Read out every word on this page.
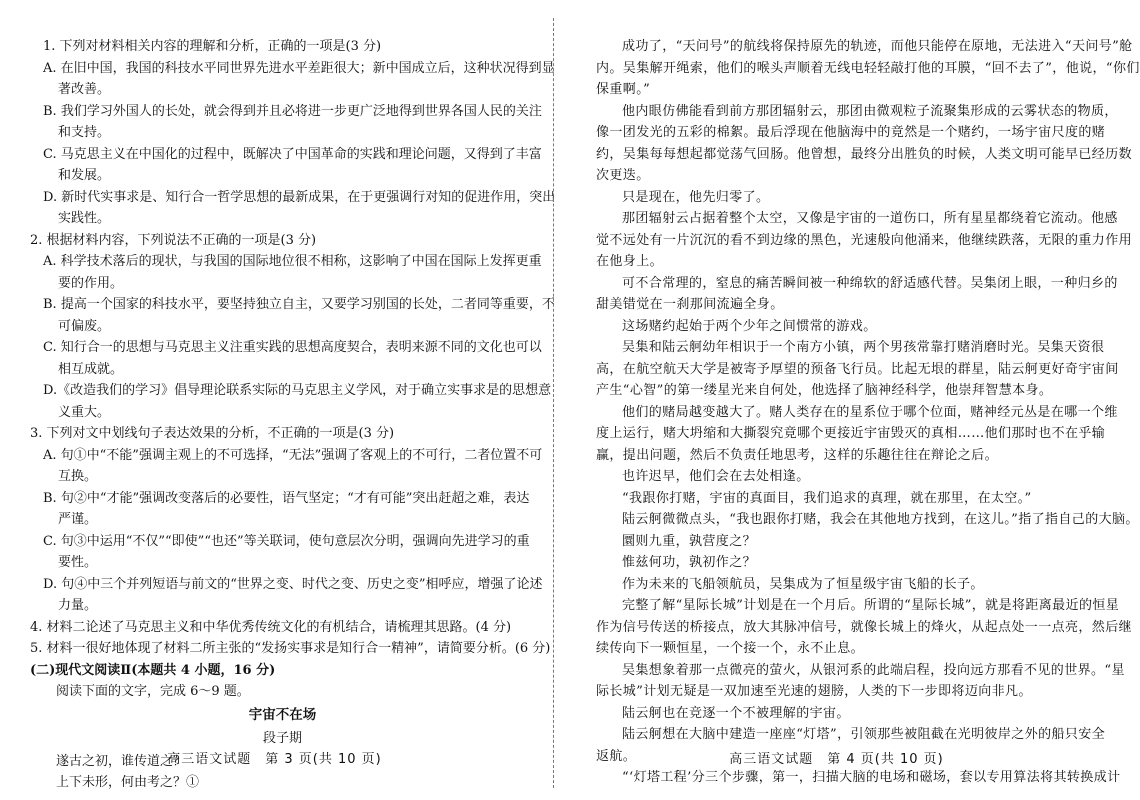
1. 下列对材料相关内容的理解和分析，正确的一项是(3 分)
A. 在旧中国，我国的科技水平同世界先进水平差距很大；新中国成立后，这种状况得到显
著改善。
B. 我们学习外国人的长处，就会得到并且必将进一步更广泛地得到世界各国人民的关注
和支持。
C. 马克思主义在中国化的过程中，既解决了中国革命的实践和理论问题，又得到了丰富
和发展。
D. 新时代实事求是、知行合一哲学思想的最新成果，在于更强调行对知的促进作用，突出
实践性。
2. 根据材料内容，下列说法不正确的一项是(3 分)
A. 科学技术落后的现状，与我国的国际地位很不相称，这影响了中国在国际上发挥更重
要的作用。
B. 提高一个国家的科技水平，要坚持独立自主，又要学习别国的长处，二者同等重要，不
可偏废。
C. 知行合一的思想与马克思主义注重实践的思想高度契合，表明来源不同的文化也可以
相互成就。
D.《改造我们的学习》倡导理论联系实际的马克思主义学风，对于确立实事求是的思想意
义重大。
3. 下列对文中划线句子表达效果的分析，不正确的一项是(3 分)
A. 句①中“不能”强调主观上的不可选择，“无法”强调了客观上的不可行，二者位置不可
互换。
B. 句②中“才能”强调改变落后的必要性，语气坚定；“才有可能”突出赶超之难，表达
严谨。
C. 句③中运用“不仅”“即使”“也还”等关联词，使句意层次分明，强调向先进学习的重
要性。
D. 句④中三个并列短语与前文的“世界之变、时代之变、历史之变”相呼应，增强了论述
力量。
4. 材料二论述了马克思主义和中华优秀传统文化的有机结合，请梳理其思路。(4 分)
5. 材料一很好地体现了材料二所主张的“发扬实事求是知行合一精神”，请简要分析。(6 分)
(二)现代文阅读Ⅱ(本题共 4 小题，16 分)
阅读下面的文字，完成 6～9 题。
宇宙不在场
段子期
遂古之初，谁传道之？
上下未形，何由考之？①
高三语文试题　第 3 页(共 10 页)
成功了，“天问号”的航线将保持原先的轨迹，而他只能停在原地，无法进入“天问号”舱
内。吴集解开绳索，他们的喉头声顺着无线电轻轻敲打他的耳膜，“回不去了”，他说，“你们
保重啊。”
他内眼仿佛能看到前方那团辐射云，那团由微观粒子流聚集形成的云雾状态的物质，
像一团发光的五彩的棉絮。最后浮现在他脑海中的竟然是一个赌约，一场宇宙尺度的赌
约，吴集每每想起都觉荡气回肠。他曾想，最终分出胜负的时候，人类文明可能早已经历数
次更迭。
只是现在，他先归零了。
那团辐射云占据着整个太空，又像是宇宙的一道伤口，所有星星都绕着它流动。他感
觉不远处有一片沉沉的看不到边缘的黑色，光速般向他涌来，他继续跌落，无限的重力作用
在他身上。
可不合常理的，窒息的痛苦瞬间被一种绵软的舒适感代替。吴集闭上眼，一种归乡的
甜美错觉在一刹那间流遍全身。
这场赌约起始于两个少年之间惯常的游戏。
吴集和陆云舸幼年相识于一个南方小镇，两个男孩常靠打赌消磨时光。吴集天资很
高，在航空航天大学是被寄予厚望的预备飞行员。比起无垠的群星，陆云舸更好奇宇宙间
产生“心智”的第一缕星光来自何处，他选择了脑神经科学，他崇拜智慧本身。
他们的赌局越变越大了。赌人类存在的星系位于哪个位面，赌神经元丛是在哪一个维
度上运行，赌大坍缩和大撕裂究竟哪个更接近宇宙毁灭的真相……他们那时也不在乎输
赢，提出问题，然后不负责任地思考，这样的乐趣往往在辩论之后。
也许迟早，他们会在去处相逢。
“我跟你打赌，宇宙的真面目，我们追求的真理，就在那里，在太空。”
陆云舸微微点头，“我也跟你打赌，我会在其他地方找到，在这儿。”指了指自己的大脑。
圜则九重，孰营度之？
惟兹何功，孰初作之？
作为未来的飞船领航员，吴集成为了恒星级宇宙飞船的长子。
完整了解“星际长城”计划是在一个月后。所谓的“星际长城”，就是将距离最近的恒星
作为信号传送的桥接点，放大其脉冲信号，就像长城上的烽火，从起点处一一点亮，然后继
续传向下一颗恒星，一个接一个，永不止息。
吴集想象着那一点微亮的萤火，从银河系的此端启程，投向远方那看不见的世界。“星
际长城”计划无疑是一双加速至光速的翅膀，人类的下一步即将迈向非凡。
陆云舸也在竞逐一个不被理解的宇宙。
陆云舸想在大脑中建造一座座“灯塔”，引领那些被阻截在光明彼岸之外的船只安全
返航。
“‘灯塔工程’分三个步骤，第一，扫描大脑的电场和磁场，套以专用算法将其转换成计
高三语文试题　第 4 页(共 10 页)
